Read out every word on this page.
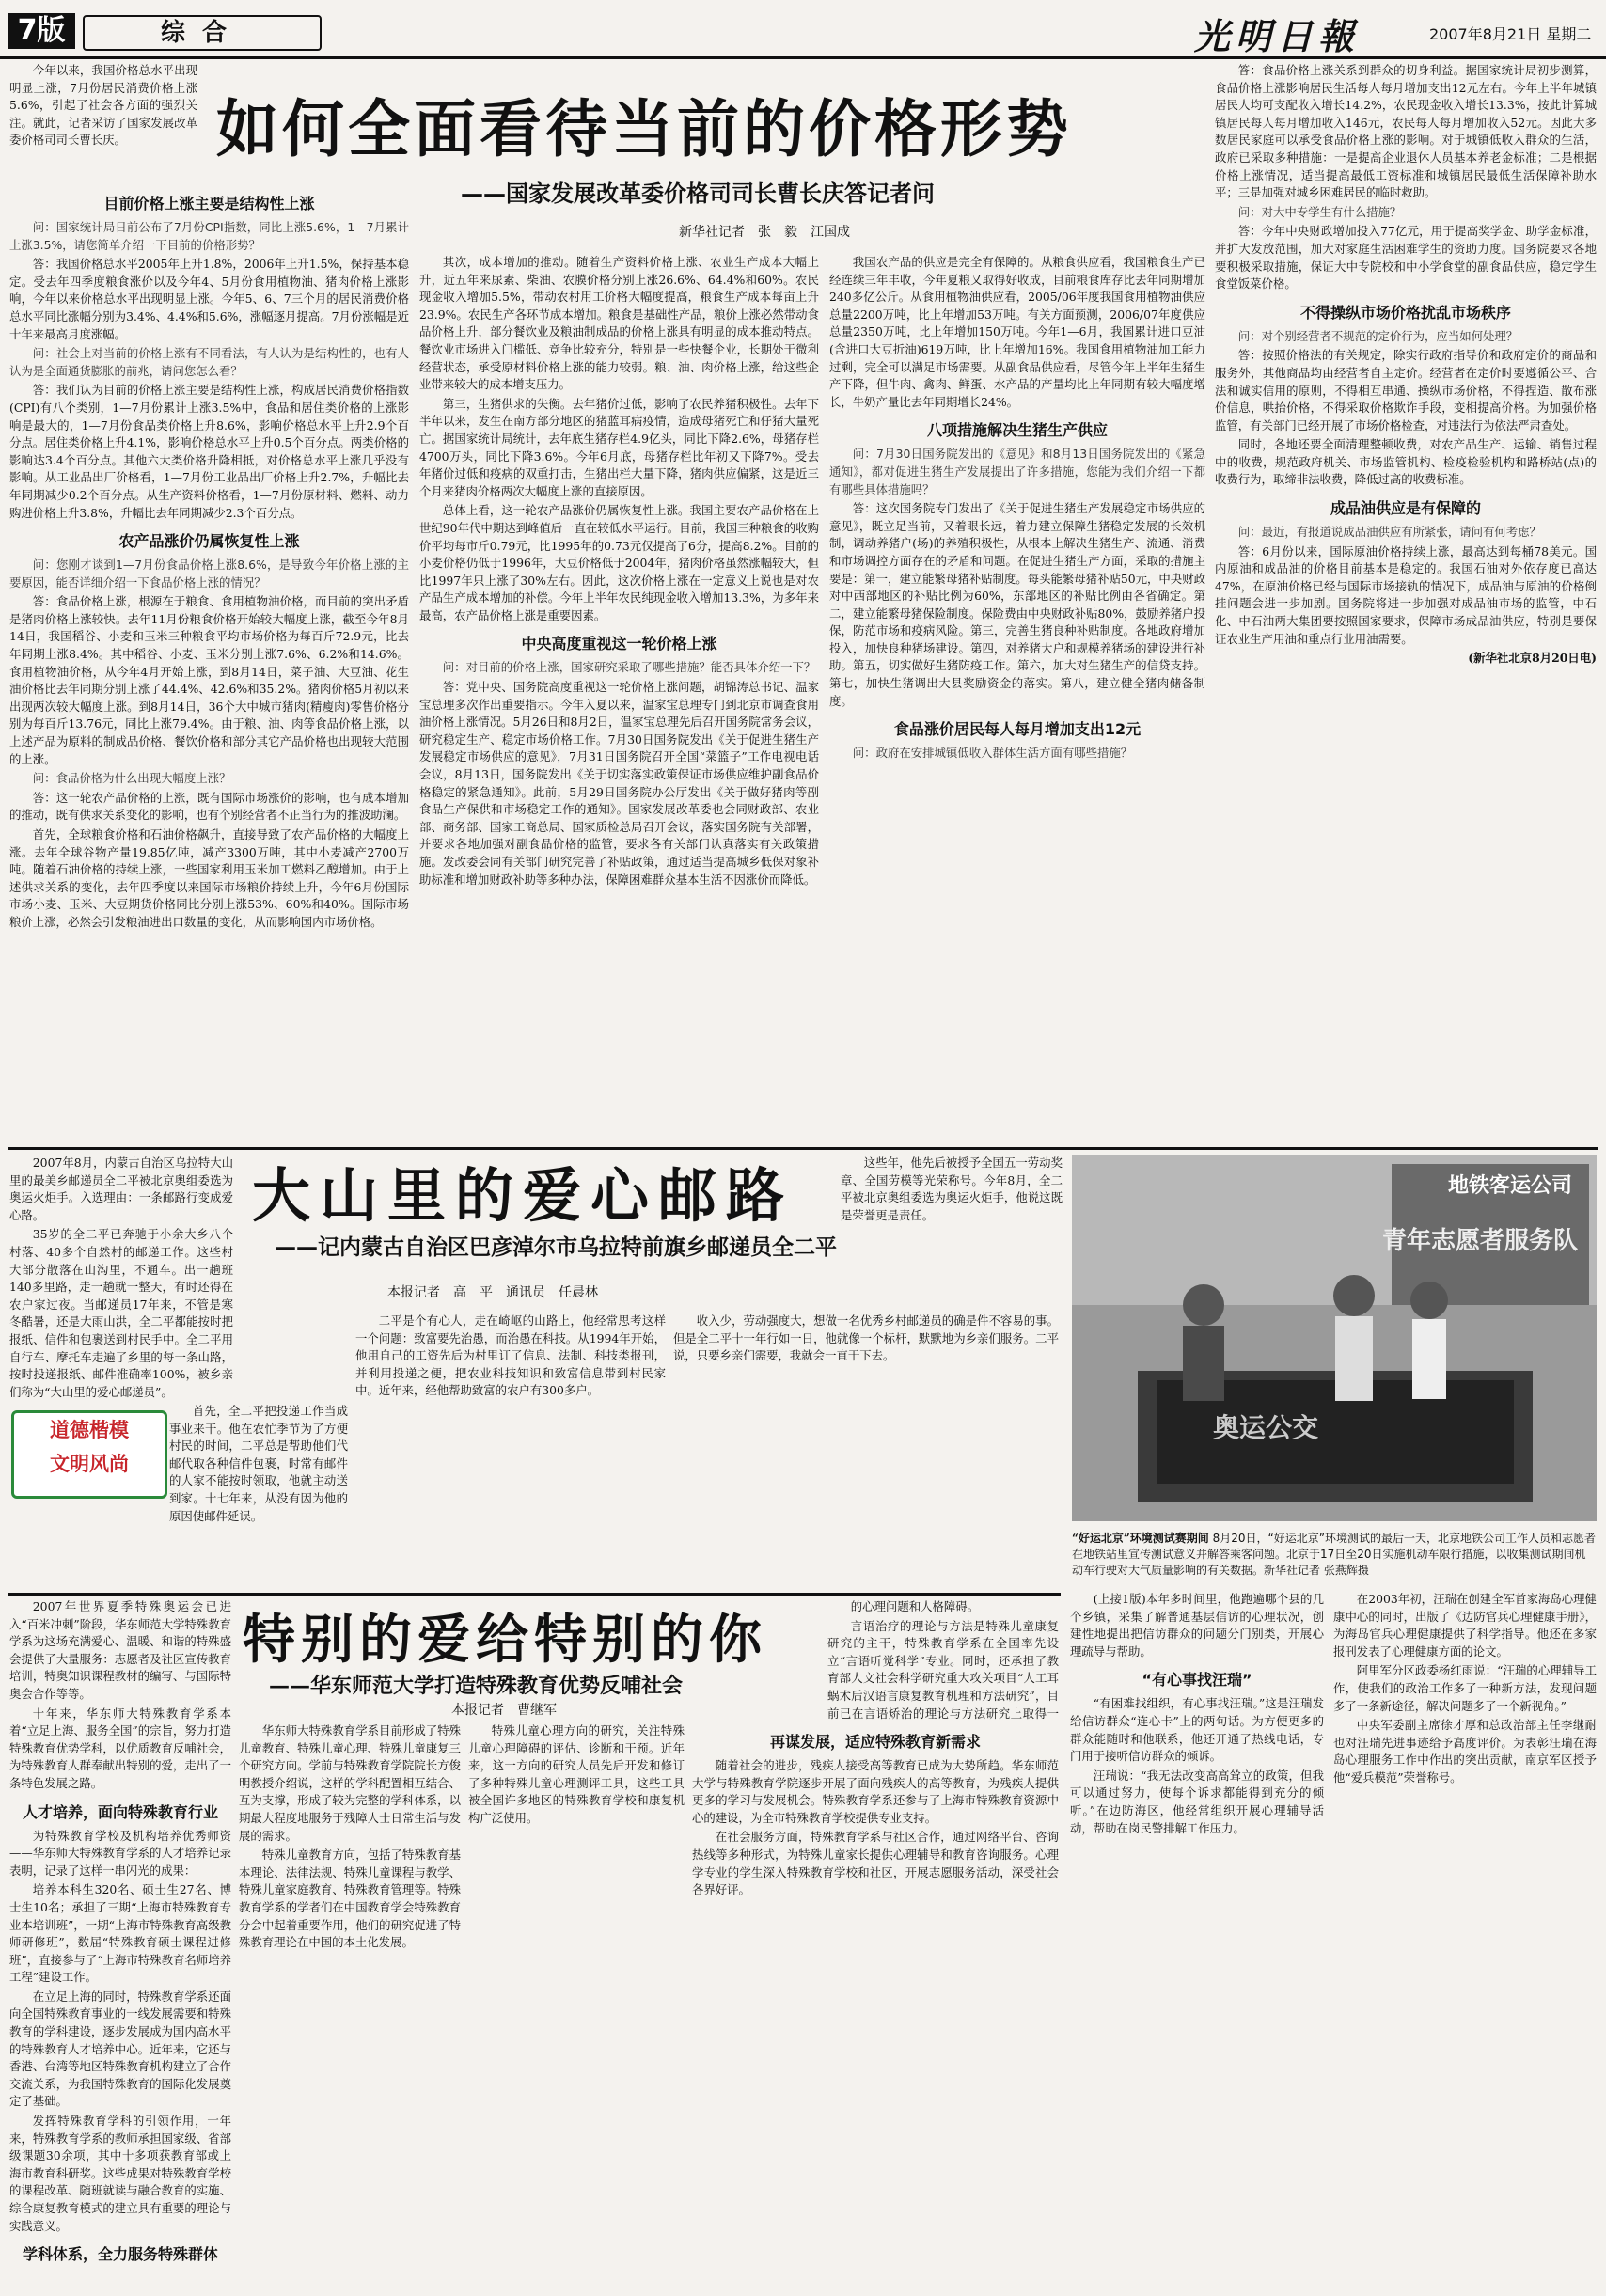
7版	综合	光明日報	2007年8月21日 星期二
如何全面看待当前的价格形势
——国家发展改革委价格司司长曹长庆答记者问
新华社记者　张　毅　江国成

今年以来，我国价格总水平出现明显上涨，7月份居民消费价格上涨5.6%，引起了社会各方面的强烈关注。就此，记者采访了国家发展改革委价格司司长曹长庆。

目前价格上涨主要是结构性上涨

问：国家统计局日前公布了7月份CPI指数，同比上涨5.6%，1—7月累计上涨3.5%，请您简单介绍一下目前的价格形势？

答：我国价格总水平2005年上升1.8%，2006年上升1.5%，保持基本稳定。受去年四季度粮食涨价以及今年4、5月份食用植物油、猪肉价格上涨影响，今年以来价格总水平出现明显上涨。今年5、6、7三个月的居民消费价格总水平同比涨幅分别为3.4%、4.4%和5.6%，涨幅逐月提高。7月份涨幅是近十年来最高月度涨幅。

问：社会上对当前的价格上涨有不同看法，有人认为是结构性的，也有人认为是全面通货膨胀的前兆，请问您怎么看？

答：我们认为目前的价格上涨主要是结构性上涨，构成居民消费价格指数(CPI)有八个类别，1—7月份累计上涨3.5%中，食品和居住类价格的上涨影响是最大的，1—7月份食品类价格上升8.6%，影响价格总水平上升2.9个百分点。居住类价格上升4.1%，影响价格总水平上升0.5个百分点。两类价格的影响达3.4个百分点。其他六大类价格升降相抵，对价格总水平上涨几乎没有影响。从工业品出厂价格看，1—7月份工业品出厂价格上升2.7%，升幅比去年同期减少0.2个百分点。从生产资料价格看，1—7月份原材料、燃料、动力购进价格上升3.8%，升幅比去年同期减少2.3个百分点。

农产品涨价仍属恢复性上涨

问：您刚才谈到1—7月份食品价格上涨8.6%，是导致今年价格上涨的主要原因，能否详细介绍一下食品价格上涨的情况？

答：食品价格上涨，根源在于粮食、食用植物油价格，而目前的突出矛盾是猪肉价格上涨较快。去年11月份粮食价格开始较大幅度上涨，截至今年8月14日，我国稻谷、小麦和玉米三种粮食平均市场价格为每百斤72.9元，比去年同期上涨8.4%。其中稻谷、小麦、玉米分别上涨7.6%、6.2%和14.6%。食用植物油价格，从今年4月开始上涨，到8月14日，菜子油、大豆油、花生油价格比去年同期分别上涨了44.4%、42.6%和35.2%。猪肉价格5月初以来出现两次较大幅度上涨。到8月14日，36个大中城市猪肉(精瘦肉)零售价格分别为每百斤13.76元，同比上涨79.4%。由于粮、油、肉等食品价格上涨，以上述产品为原料的制成品价格、餐饮价格和部分其它产品价格也出现较大范围的上涨。

问：食品价格为什么出现大幅度上涨？

答：这一轮农产品价格的上涨，既有国际市场涨价的影响，也有成本增加的推动，既有供求关系变化的影响，也有个别经营者不正当行为的推波助澜。

首先，全球粮食价格和石油价格飙升，直接导致了农产品价格的大幅度上涨。去年全球谷物产量19.85亿吨，减产3300万吨，其中小麦减产2700万吨。随着石油价格的持续上涨，一些国家利用玉米加工燃料乙醇增加。由于上述供求关系的变化，去年四季度以来国际市场粮价持续上升，今年6月份国际市场小麦、玉米、大豆期货价格同比分别上涨53%、60%和40%。国际市场粮价上涨，必然会引发粮油进出口数量的变化，从而影响国内市场价格。

其次，成本增加的推动。随着生产资料价格上涨、农业生产成本大幅上升，近五年来尿素、柴油、农膜价格分别上涨26.6%、64.4%和60%。农民现金收入增加5.5%，带动农村用工价格大幅度提高，粮食生产成本每亩上升23.9%。农民生产各环节成本增加。粮食是基础性产品，粮价上涨必然带动食品价格上升，部分餐饮业及粮油制成品的价格上涨具有明显的成本推动特点。餐饮业市场进入门槛低、竞争比较充分，特别是一些快餐企业，长期处于微利经营状态，承受原材料价格上涨的能力较弱。粮、油、肉价格上涨，给这些企业带来较大的成本增支压力。

第三，生猪供求的失衡。去年猪价过低，影响了农民养猪积极性。去年下半年以来，发生在南方部分地区的猪蓝耳病疫情，造成母猪死亡和仔猪大量死亡。据国家统计局统计，去年底生猪存栏4.9亿头，同比下降2.6%，母猪存栏4700万头，同比下降3.6%。今年6月底，母猪存栏比年初又下降7%。受去年猪价过低和疫病的双重打击，生猪出栏大量下降，猪肉供应偏紧，这是近三个月来猪肉价格两次大幅度上涨的直接原因。

总体上看，这一轮农产品涨价仍属恢复性上涨。我国主要农产品价格在上世纪90年代中期达到峰值后一直在较低水平运行。目前，我国三种粮食的收购价平均每市斤0.79元，比1995年的0.73元仅提高了6分，提高8.2%。目前的小麦价格仍低于1996年，大豆价格低于2004年，猪肉价格虽然涨幅较大，但比1997年只上涨了30%左右。因此，这次价格上涨在一定意义上说也是对农产品生产成本增加的补偿。今年上半年农民纯现金收入增加13.3%，为多年来最高，农产品价格上涨是重要因素。

中央高度重视这一轮价格上涨

问：对目前的价格上涨，国家研究采取了哪些措施？能否具体介绍一下？

答：党中央、国务院高度重视这一轮价格上涨问题，胡锦涛总书记、温家宝总理多次作出重要指示。今年入夏以来，温家宝总理专门到北京市调查食用油价格上涨情况。5月26日和8月2日，温家宝总理先后召开国务院常务会议，研究稳定生产、稳定市场价格工作。7月30日国务院发出《关于促进生猪生产发展稳定市场供应的意见》，7月31日国务院召开全国“菜篮子”工作电视电话会议，8月13日，国务院发出《关于切实落实政策保证市场供应维护副食品价格稳定的紧急通知》。此前，5月29日国务院办公厅发出《关于做好猪肉等副食品生产保供和市场稳定工作的通知》。国家发展改革委也会同财政部、农业部、商务部、国家工商总局、国家质检总局召开会议，落实国务院有关部署，并要求各地加强对副食品价格的监管，要求各有关部门认真落实有关政策措施。发改委会同有关部门研究完善了补贴政策，通过适当提高城乡低保对象补助标准和增加财政补助等多种办法，保障困难群众基本生活不因涨价而降低。

我国农产品的供应是完全有保障的。从粮食供应看，我国粮食生产已经连续三年丰收，今年夏粮又取得好收成，目前粮食库存比去年同期增加240多亿公斤。从食用植物油供应看，2005/06年度我国食用植物油供应总量2200万吨，比上年增加53万吨。有关方面预测，2006/07年度供应总量2350万吨，比上年增加150万吨。今年1—6月，我国累计进口豆油(含进口大豆折油)619万吨，比上年增加16%。我国食用植物油加工能力过剩，完全可以满足市场需要。从副食品供应看，尽管今年上半年生猪生产下降，但牛肉、禽肉、鲜蛋、水产品的产量均比上年同期有较大幅度增长，牛奶产量比去年同期增长24%。

八项措施解决生猪生产供应

问：7月30日国务院发出的《意见》和8月13日国务院发出的《紧急通知》，都对促进生猪生产发展提出了许多措施，您能为我们介绍一下都有哪些具体措施吗？

答：这次国务院专门发出了《关于促进生猪生产发展稳定市场供应的意见》，既立足当前，又着眼长远，着力建立保障生猪稳定发展的长效机制，调动养猪户(场)的养殖积极性，从根本上解决生猪生产、流通、消费和市场调控方面存在的矛盾和问题。在促进生猪生产方面，采取的措施主要是：第一，建立能繁母猪补贴制度。每头能繁母猪补贴50元，中央财政对中西部地区的补贴比例为60%，东部地区的补贴比例由各省确定。第二，建立能繁母猪保险制度。保险费由中央财政补贴80%，鼓励养猪户投保，防范市场和疫病风险。第三，完善生猪良种补贴制度。各地政府增加投入，加快良种猪场建设。第四，对养猪大户和规模养猪场的建设进行补助。第五，切实做好生猪防疫工作。第六，加大对生猪生产的信贷支持。第七，加快生猪调出大县奖励资金的落实。第八，建立健全猪肉储备制度。

食品涨价居民每人每月增加支出12元

问：政府在安排城镇低收入群体生活方面有哪些措施？

答：食品价格上涨关系到群众的切身利益。据国家统计局初步测算，食品价格上涨影响居民生活每人每月增加支出12元左右。今年上半年城镇居民人均可支配收入增长14.2%，农民现金收入增长13.3%，按此计算城镇居民每人每月增加收入146元，农民每人每月增加收入52元。因此大多数居民家庭可以承受食品价格上涨的影响。对于城镇低收入群众的生活，政府已采取多种措施：一是提高企业退休人员基本养老金标准；二是根据价格上涨情况，适当提高最低工资标准和城镇居民最低生活保障补助水平；三是加强对城乡困难居民的临时救助。

问：对大中专学生有什么措施？

答：今年中央财政增加投入77亿元，用于提高奖学金、助学金标准，并扩大发放范围，加大对家庭生活困难学生的资助力度。国务院要求各地要积极采取措施，保证大中专院校和中小学食堂的副食品供应，稳定学生食堂饭菜价格。

不得操纵市场价格扰乱市场秩序

问：对个别经营者不规范的定价行为，应当如何处理？

答：按照价格法的有关规定，除实行政府指导价和政府定价的商品和服务外，其他商品均由经营者自主定价。经营者在定价时要遵循公平、合法和诚实信用的原则，不得相互串通、操纵市场价格，不得捏造、散布涨价信息，哄抬价格，不得采取价格欺诈手段，变相提高价格。为加强价格监管，有关部门已经开展了市场价格检查，对违法行为依法严肃查处。

同时，各地还要全面清理整顿收费，对农产品生产、运输、销售过程中的收费，规范政府机关、市场监管机构、检疫检验机构和路桥站(点)的收费行为，取缔非法收费，降低过高的收费标准。

成品油供应是有保障的

问：最近，有报道说成品油供应有所紧张，请问有何考虑？

答：6月份以来，国际原油价格持续上涨，最高达到每桶78美元。国内原油和成品油的价格目前基本是稳定的。我国石油对外依存度已高达47%，在原油价格已经与国际市场接轨的情况下，成品油与原油的价格倒挂问题会进一步加剧。国务院将进一步加强对成品油市场的监管，中石化、中石油两大集团要按照国家要求，保障市场成品油供应，特别是要保证农业生产用油和重点行业用油需要。

(新华社北京8月20日电)

大山里的爱心邮路
——记内蒙古自治区巴彦淖尔市乌拉特前旗乡邮递员全二平
本报记者　高　平　通讯员　任晨林

2007年8月，内蒙古自治区乌拉特大山里的最美乡邮递员全二平被北京奥组委选为奥运火炬手。入选理由：一条邮路行变成爱心路。

35岁的全二平已奔驰于小余大乡八个村落、40多个自然村的邮递工作。这些村大部分散落在山沟里，不通车。出一趟班140多里路，走一趟就一整天，有时还得在农户家过夜。当邮递员17年来，不管是寒冬酷暑，还是大雨山洪，全二平都能按时把报纸、信件和包裹送到村民手中。全二平用自行车、摩托车走遍了乡里的每一条山路，按时投递报纸、邮件准确率100%，被乡亲们称为“大山里的爱心邮递员”。

道德楷模
文明风尚

首先，全二平把投递工作当成事业来干。他在农忙季节为了方便村民的时间，二平总是帮助他们代邮代取各种信件包裹，时常有邮件的人家不能按时领取，他就主动送到家。十七年来，从没有因为他的原因使邮件延误。

二平是个有心人，走在崎岖的山路上，他经常思考这样一个问题：致富要先治愚，而治愚在科技。从1994年开始，他用自己的工资先后为村里订了信息、法制、科技类报刊，并利用投递之便，把农业科技知识和致富信息带到村民家中。近年来，经他帮助致富的农户有300多户。

收入少，劳动强度大，想做一名优秀乡村邮递员的确是件不容易的事。但是全二平十一年行如一日，他就像一个标杆，默默地为乡亲们服务。二平说，只要乡亲们需要，我就会一直干下去。

这些年，他先后被授予全国五一劳动奖章、全国劳模等光荣称号。今年8月，全二平被北京奥组委选为奥运火炬手，他说这既是荣誉更是责任。

地铁客运公司
青年志愿者服务队
奥运公交
“好运北京”环境测试赛期间 8月20日，“好运北京”环境测试的最后一天，北京地铁公司工作人员和志愿者在地铁站里宣传测试意义并解答乘客问题。北京于17日至20日实施机动车限行措施，以收集测试期间机动车行驶对大气质量影响的有关数据。新华社记者 张燕辉摄
特别的爱给特别的你
——华东师范大学打造特殊教育优势反哺社会
本报记者　曹继军

2007年世界夏季特殊奥运会已进入“百米冲刺”阶段，华东师范大学特殊教育学系为这场充满爱心、温暖、和谐的特殊盛会提供了大量服务：志愿者及社区宣传教育培训，特奥知识课程教材的编写、与国际特奥会合作等等。

十年来，华东师大特殊教育学系本着“立足上海、服务全国”的宗旨，努力打造特殊教育优势学科，以优质教育反哺社会，为特殊教育人群奉献出特别的爱，走出了一条特色发展之路。

人才培养，面向特殊教育行业

为特殊教育学校及机构培养优秀师资——华东师大特殊教育学系的人才培养记录表明，记录了这样一串闪光的成果：

培养本科生320名、硕士生27名、博士生10名；承担了三期“上海市特殊教育专业本培训班”，一期“上海市特殊教育高级教师研修班”，数届“特殊教育硕士课程进修班”，直接参与了“上海市特殊教育名师培养工程”建设工作。

在立足上海的同时，特殊教育学系还面向全国特殊教育事业的一线发展需要和特殊教育的学科建设，逐步发展成为国内高水平的特殊教育人才培养中心。近年来，它还与香港、台湾等地区特殊教育机构建立了合作交流关系，为我国特殊教育的国际化发展奠定了基础。

发挥特殊教育学科的引领作用，十年来，特殊教育学系的教师承担国家级、省部级课题30余项，其中十多项获教育部或上海市教育科研奖。这些成果对特殊教育学校的课程改革、随班就读与融合教育的实施、综合康复教育模式的建立具有重要的理论与实践意义。

学科体系，全力服务特殊群体

华东师大特殊教育学系目前形成了特殊儿童教育、特殊儿童心理、特殊儿童康复三个研究方向。学前与特殊教育学院院长方俊明教授介绍说，这样的学科配置相互结合、互为支撑，形成了较为完整的学科体系，以期最大程度地服务于残障人士日常生活与发展的需求。

特殊儿童教育方向，包括了特殊教育基本理论、法律法规、特殊儿童课程与教学、特殊儿童家庭教育、特殊教育管理等。特殊教育学系的学者们在中国教育学会特殊教育分会中起着重要作用，他们的研究促进了特殊教育理论在中国的本土化发展。

特殊儿童心理方向的研究，关注特殊儿童心理障碍的评估、诊断和干预。近年来，这一方向的研究人员先后开发和修订了多种特殊儿童心理测评工具，这些工具被全国许多地区的特殊教育学校和康复机构广泛使用。

再谋发展，适应特殊教育新需求

随着社会的进步，残疾人接受高等教育已成为大势所趋。华东师范大学与特殊教育学院逐步开展了面向残疾人的高等教育，为残疾人提供更多的学习与发展机会。特殊教育学系还参与了上海市特殊教育资源中心的建设，为全市特殊教育学校提供专业支持。

在社会服务方面，特殊教育学系与社区合作，通过网络平台、咨询热线等多种形式，为特殊儿童家长提供心理辅导和教育咨询服务。心理学专业的学生深入特殊教育学校和社区，开展志愿服务活动，深受社会各界好评。

的心理问题和人格障碍。

言语治疗的理论与方法是特殊儿童康复研究的主干，特殊教育学系在全国率先设立“言语听觉科学”专业。同时，还承担了教育部人文社会科学研究重大攻关项目“人工耳蜗术后汉语言康复教育机理和方法研究”，目前已在言语矫治的理论与方法研究上取得一

(上接1版)本年多时间里，他跑遍哪个县的几个乡镇，采集了解普通基层信访的心理状况，创建性地提出把信访群众的问题分门别类，开展心理疏导与帮助。

“有心事找汪瑞”

“有困难找组织，有心事找汪瑞。”这是汪瑞发给信访群众“连心卡”上的两句话。为方便更多的群众能随时和他联系，他还开通了热线电话，专门用于接听信访群众的倾诉。

汪瑞说：“我无法改变高高耸立的政策，但我可以通过努力，使每个诉求都能得到充分的倾听。”在边防海区，他经常组织开展心理辅导活动，帮助在岗民警排解工作压力。

在2003年初，汪瑞在创建全军首家海岛心理健康中心的同时，出版了《边防官兵心理健康手册》，为海岛官兵心理健康提供了科学指导。他还在多家报刊发表了心理健康方面的论文。

阿里军分区政委杨红雨说：“汪瑞的心理辅导工作，使我们的政治工作多了一种新方法，发现问题多了一条新途径，解决问题多了一个新视角。”

中央军委副主席徐才厚和总政治部主任李继耐也对汪瑞先进事迹给予高度评价。为表彰汪瑞在海岛心理服务工作中作出的突出贡献，南京军区授予他“爱兵模范”荣誉称号。
